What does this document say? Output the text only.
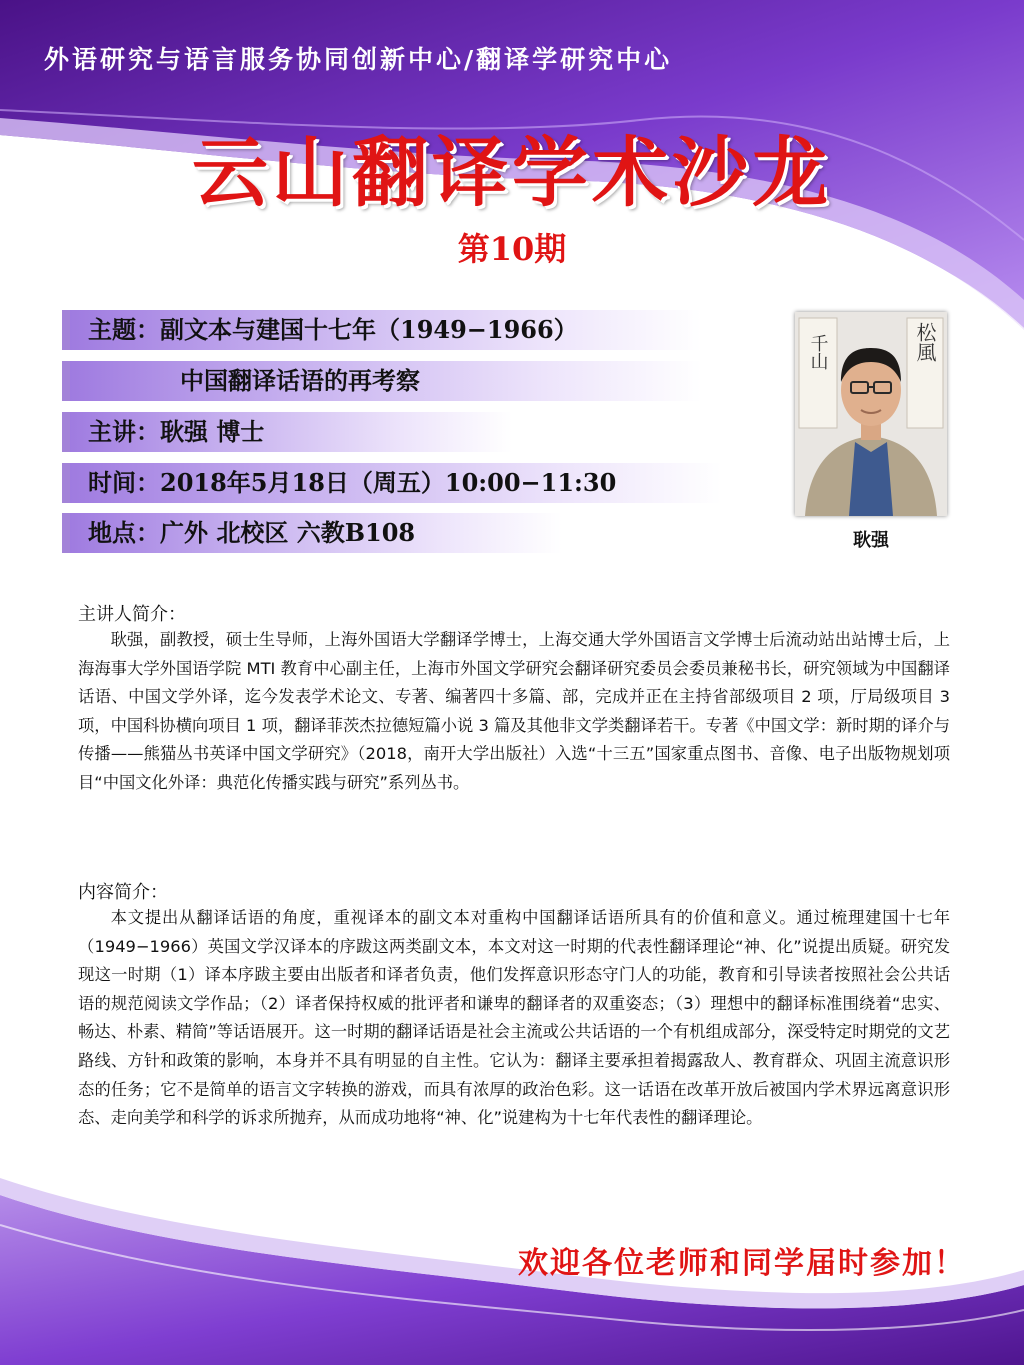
外语研究与语言服务协同创新中心/翻译学研究中心
云山翻译学术沙龙
第10期
主题：副文本与建国十七年（1949−1966）
中国翻译话语的再考察
主讲：耿强 博士
时间：2018年5月18日（周五）10:00−11:30
地点：广外 北校区 六教B108
千山	松風
耿强
主讲人简介：

耿强，副教授，硕士生导师，上海外国语大学翻译学博士，上海交通大学外国语言文学博士后流动站出站博士后，上海海事大学外国语学院 MTI 教育中心副主任，上海市外国文学研究会翻译研究委员会委员兼秘书长，研究领域为中国翻译话语、中国文学外译，迄今发表学术论文、专著、编著四十多篇、部，完成并正在主持省部级项目 2 项，厅局级项目 3 项，中国科协横向项目 1 项，翻译菲茨杰拉德短篇小说 3 篇及其他非文学类翻译若干。专著《中国文学：新时期的译介与传播——熊猫丛书英译中国文学研究》（2018，南开大学出版社）入选“十三五”国家重点图书、音像、电子出版物规划项目“中国文化外译：典范化传播实践与研究”系列丛书。

内容简介：

本文提出从翻译话语的角度，重视译本的副文本对重构中国翻译话语所具有的价值和意义。通过梳理建国十七年（1949−1966）英国文学汉译本的序跋这两类副文本，本文对这一时期的代表性翻译理论“神、化”说提出质疑。研究发现这一时期（1）译本序跋主要由出版者和译者负责，他们发挥意识形态守门人的功能，教育和引导读者按照社会公共话语的规范阅读文学作品；（2）译者保持权威的批评者和谦卑的翻译者的双重姿态；（3）理想中的翻译标准围绕着“忠实、畅达、朴素、精简”等话语展开。这一时期的翻译话语是社会主流或公共话语的一个有机组成部分，深受特定时期党的文艺路线、方针和政策的影响，本身并不具有明显的自主性。它认为：翻译主要承担着揭露敌人、教育群众、巩固主流意识形态的任务；它不是简单的语言文字转换的游戏，而具有浓厚的政治色彩。这一话语在改革开放后被国内学术界远离意识形态、走向美学和科学的诉求所抛弃，从而成功地将“神、化”说建构为十七年代表性的翻译理论。

欢迎各位老师和同学届时参加！
